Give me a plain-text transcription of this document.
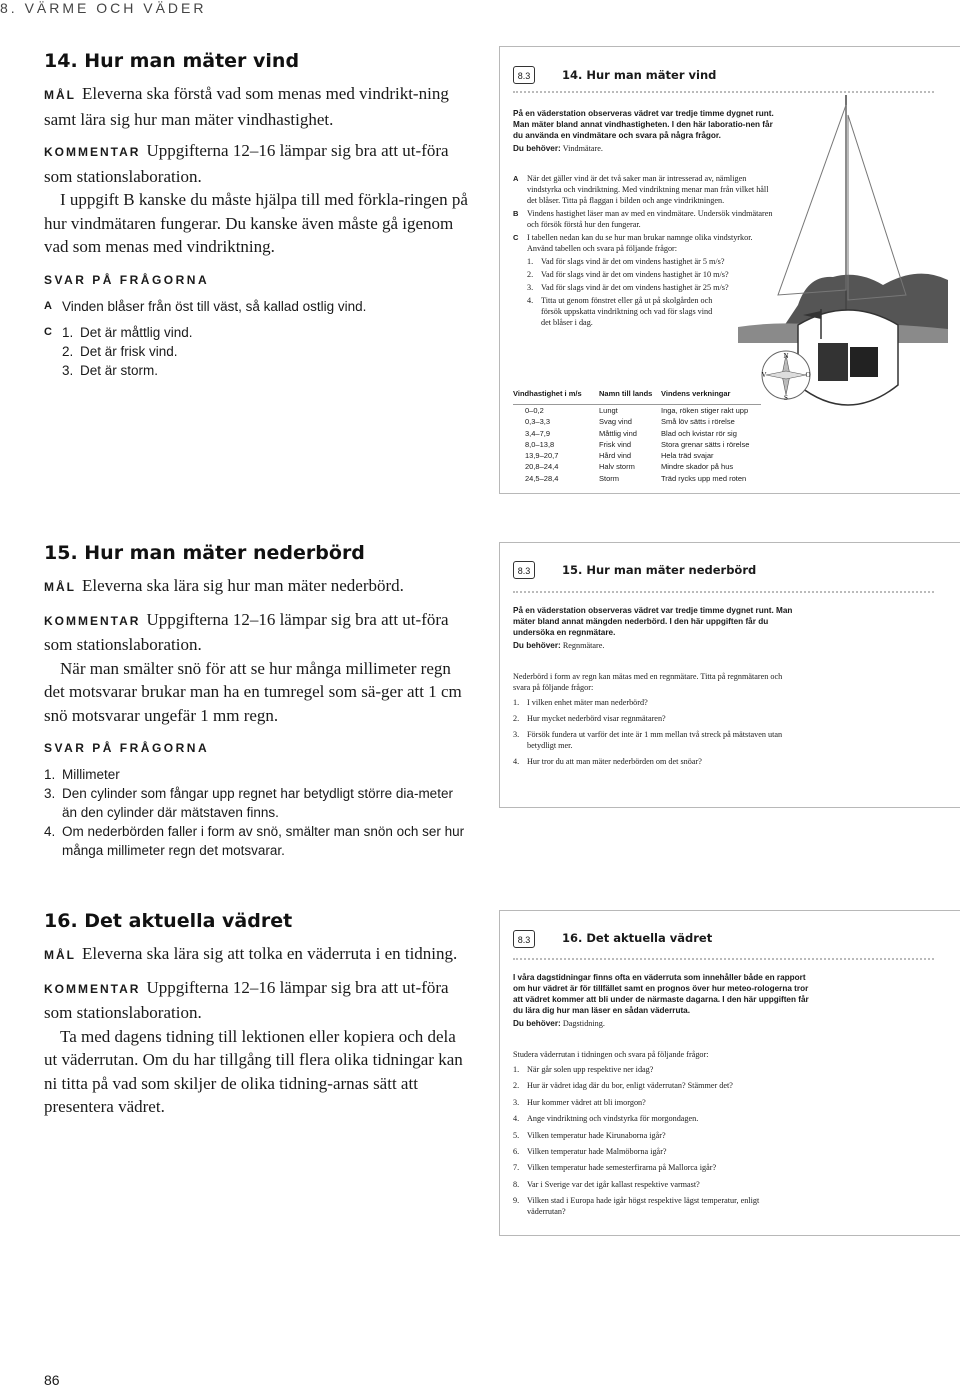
8. VÄRME OCH VÄDER
14. Hur man mäter vind

MÅL Eleverna ska förstå vad som menas med vindrikt-ning samt lära sig hur man mäter vindhastighet.

KOMMENTAR Uppgifterna 12–16 lämpar sig bra att ut-föra som stationslaboration.

I uppgift B kanske du måste hjälpa till med förkla-ringen på hur vindmätaren fungerar. Du kanske även måste gå igenom vad som menas med vindriktning.

SVAR PÅ FRÅGORNA
A Vinden blåser från öst till väst, så kallad ostlig vind.
C 1. Det är måttlig vind.
2. Det är frisk vind.
3. Det är storm.
15. Hur man mäter nederbörd

MÅL Eleverna ska lära sig hur man mäter nederbörd.

KOMMENTAR Uppgifterna 12–16 lämpar sig bra att ut-föra som stationslaboration.

När man smälter snö för att se hur många millimeter regn det motsvarar brukar man ha en tumregel som sä-ger att 1 cm snö motsvarar ungefär 1 mm regn.

SVAR PÅ FRÅGORNA
1. Millimeter
3. Den cylinder som fångar upp regnet har betydligt större dia-meter än den cylinder där mätstaven finns.
4. Om nederbörden faller i form av snö, smälter man snön och ser hur många millimeter regn det motsvarar.
16. Det aktuella vädret

MÅL Eleverna ska lära sig att tolka en väderruta i en tidning.

KOMMENTAR Uppgifterna 12–16 lämpar sig bra att ut-föra som stationslaboration.

Ta med dagens tidning till lektionen eller kopiera och dela ut väderrutan. Om du har tillgång till flera olika tidningar kan ni titta på vad som skiljer de olika tidning-arnas sätt att presentera vädret.

8.3	14. Hur man mäter vind
N
O
S
V
På en väderstation observeras vädret var tredje timme dygnet runt. Man mäter bland annat vindhastigheten. I den här laboratio-nen får du använda en vindmätare och svara på några frågor.
Du behöver: Vindmätare.
A	När det gäller vind är det två saker man är intresserad av, nämligen vindstyrka och vindriktning. Med vindriktning menar man från vilket håll det blåser. Titta på flaggan i bilden och ange vindriktningen.
B	Vindens hastighet läser man av med en vindmätare. Undersök vindmätaren och försök förstå hur den fungerar.
C	I tabellen nedan kan du se hur man brukar namnge olika vindstyrkor. Använd tabellen och svara på följande frågor:
1. Vad för slags vind är det om vindens hastighet är 5 m/s?
2. Vad för slags vind är det om vindens hastighet är 10 m/s?
3. Vad för slags vind är det om vindens hastighet är 25 m/s?
4. Titta ut genom fönstret eller gå ut på skolgården och försök uppskatta vindriktning och vad för slags vind det blåser i dag.
Vindhastighet i m/s	Namn till lands	Vindens verkningar
0–0,2	Lungt	Inga, röken stiger rakt upp
0,3–3,3	Svag vind	Små löv sätts i rörelse
3,4–7,9	Måttlig vind	Blad och kvistar rör sig
8,0–13,8	Frisk vind	Stora grenar sätts i rörelse
13,9–20,7	Hård vind	Hela träd svajar
20,8–24,4	Halv storm	Mindre skador på hus
24,5–28,4	Storm	Träd rycks upp med roten
8.3	15. Hur man mäter nederbörd
På en väderstation observeras vädret var tredje timme dygnet runt. Man mäter bland annat mängden nederbörd. I den här uppgiften får du undersöka en regnmätare.
Du behöver: Regnmätare.
Nederbörd i form av regn kan mätas med en regnmätare. Titta på regnmätaren och svara på följande frågor:
1. I vilken enhet mäter man nederbörd?
2. Hur mycket nederbörd visar regnmätaren?
3. Försök fundera ut varför det inte är 1 mm mellan två streck på mätstaven utan betydligt mer.
4. Hur tror du att man mäter nederbörden om det snöar?
8.3	16. Det aktuella vädret
I våra dagstidningar finns ofta en väderruta som innehåller både en rapport om hur vädret är för tillfället samt en prognos över hur meteo-rologerna tror att vädret kommer att bli under de närmaste dagarna. I den här uppgiften får du lära dig hur man läser en sådan väderruta.
Du behöver: Dagstidning.
Studera väderrutan i tidningen och svara på följande frågor:
1. När går solen upp respektive ner idag?
2. Hur är vädret idag där du bor, enligt väderrutan? Stämmer det?
3. Hur kommer vädret att bli imorgon?
4. Ange vindriktning och vindstyrka för morgondagen.
5. Vilken temperatur hade Kirunaborna igår?
6. Vilken temperatur hade Malmöborna igår?
7. Vilken temperatur hade semesterfirarna på Mallorca igår?
8. Var i Sverige var det igår kallast respektive varmast?
9. Vilken stad i Europa hade igår högst respektive lägst temperatur, enligt väderrutan?
86
